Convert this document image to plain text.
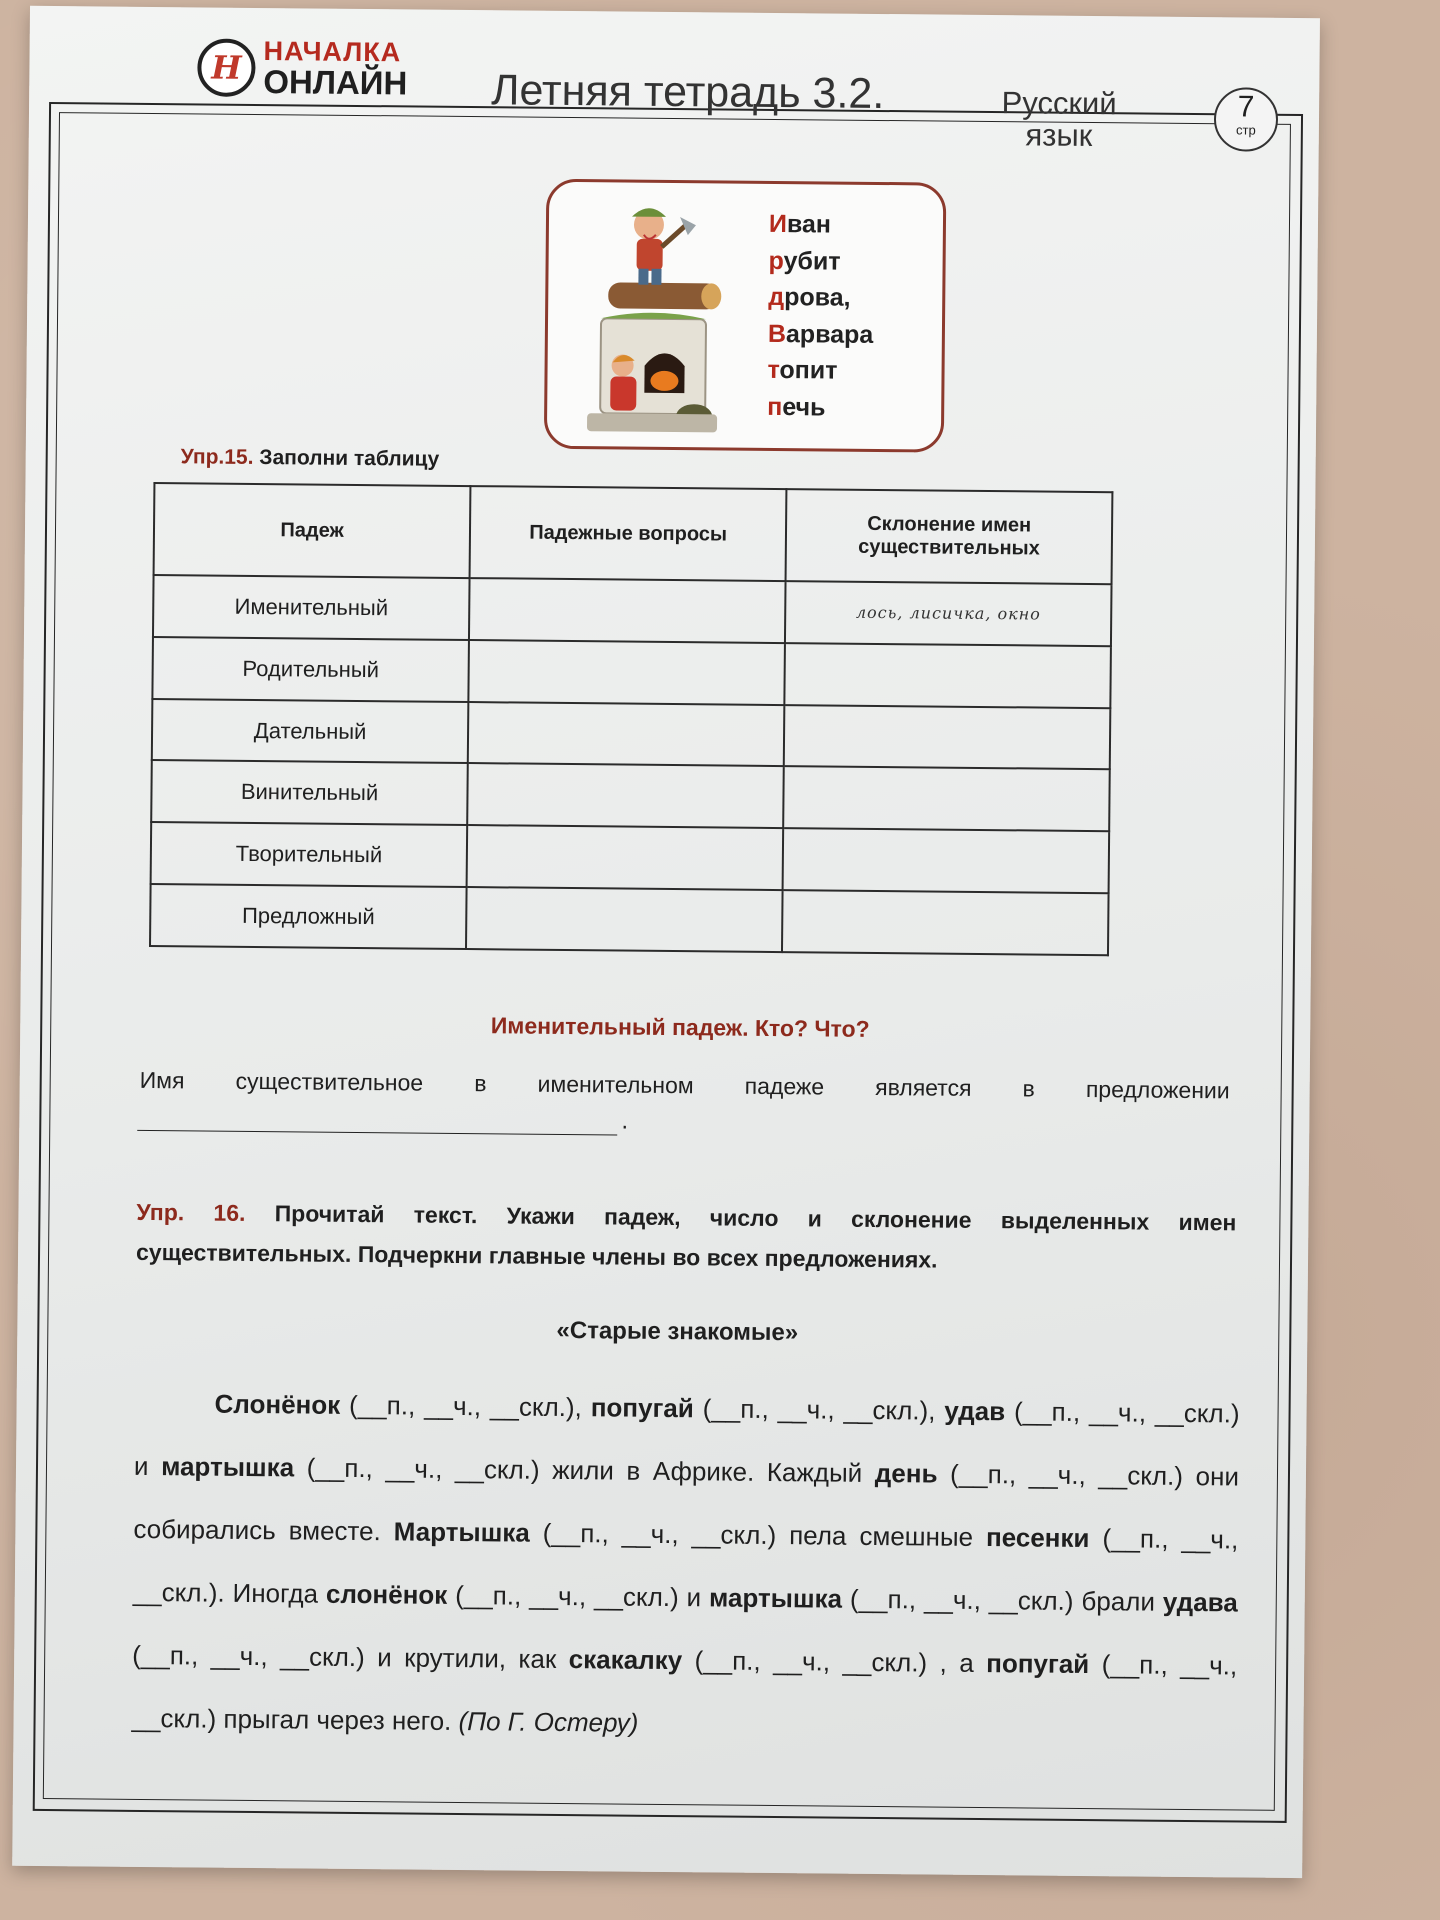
Н НАЧАЛКА
ОНЛАЙН Летняя тетрадь 3.2.	Русский
язык
7
стр
Иван
рубит
дрова,
Варвара
топит
печь
Упр.15. Заполни таблицу
Падеж	Падежные вопросы	Склонение имен существительных
Именительный		лось, лисичка, окно
Родительный		
Дательный		
Винительный		
Творительный		
Предложный		
Именительный падеж. Кто? Что?
Имя существительное в именительном падеже является в предложении
.
Упр. 16. Прочитай текст. Укажи падеж, число и склонение выделенных имен
существительных. Подчеркни главные члены во всех предложениях.
«Старые знакомые»
Слонёнок (__п., __ч., __скл.), попугай (__п., __ч., __скл.), удав (__п., __ч., __скл.) и мартышка (__п., __ч., __скл.) жили в Африке. Каждый день (__п., __ч., __скл.) они собирались вместе. Мартышка (__п., __ч., __скл.) пела смешные песенки (__п., __ч., __скл.). Иногда слонёнок (__п., __ч., __скл.) и мартышка (__п., __ч., __скл.) брали удава (__п., __ч., __скл.) и крутили, как скакалку (__п., __ч., __скл.) , а попугай (__п., __ч., __скл.) прыгал через него. (По Г. Остеру)
